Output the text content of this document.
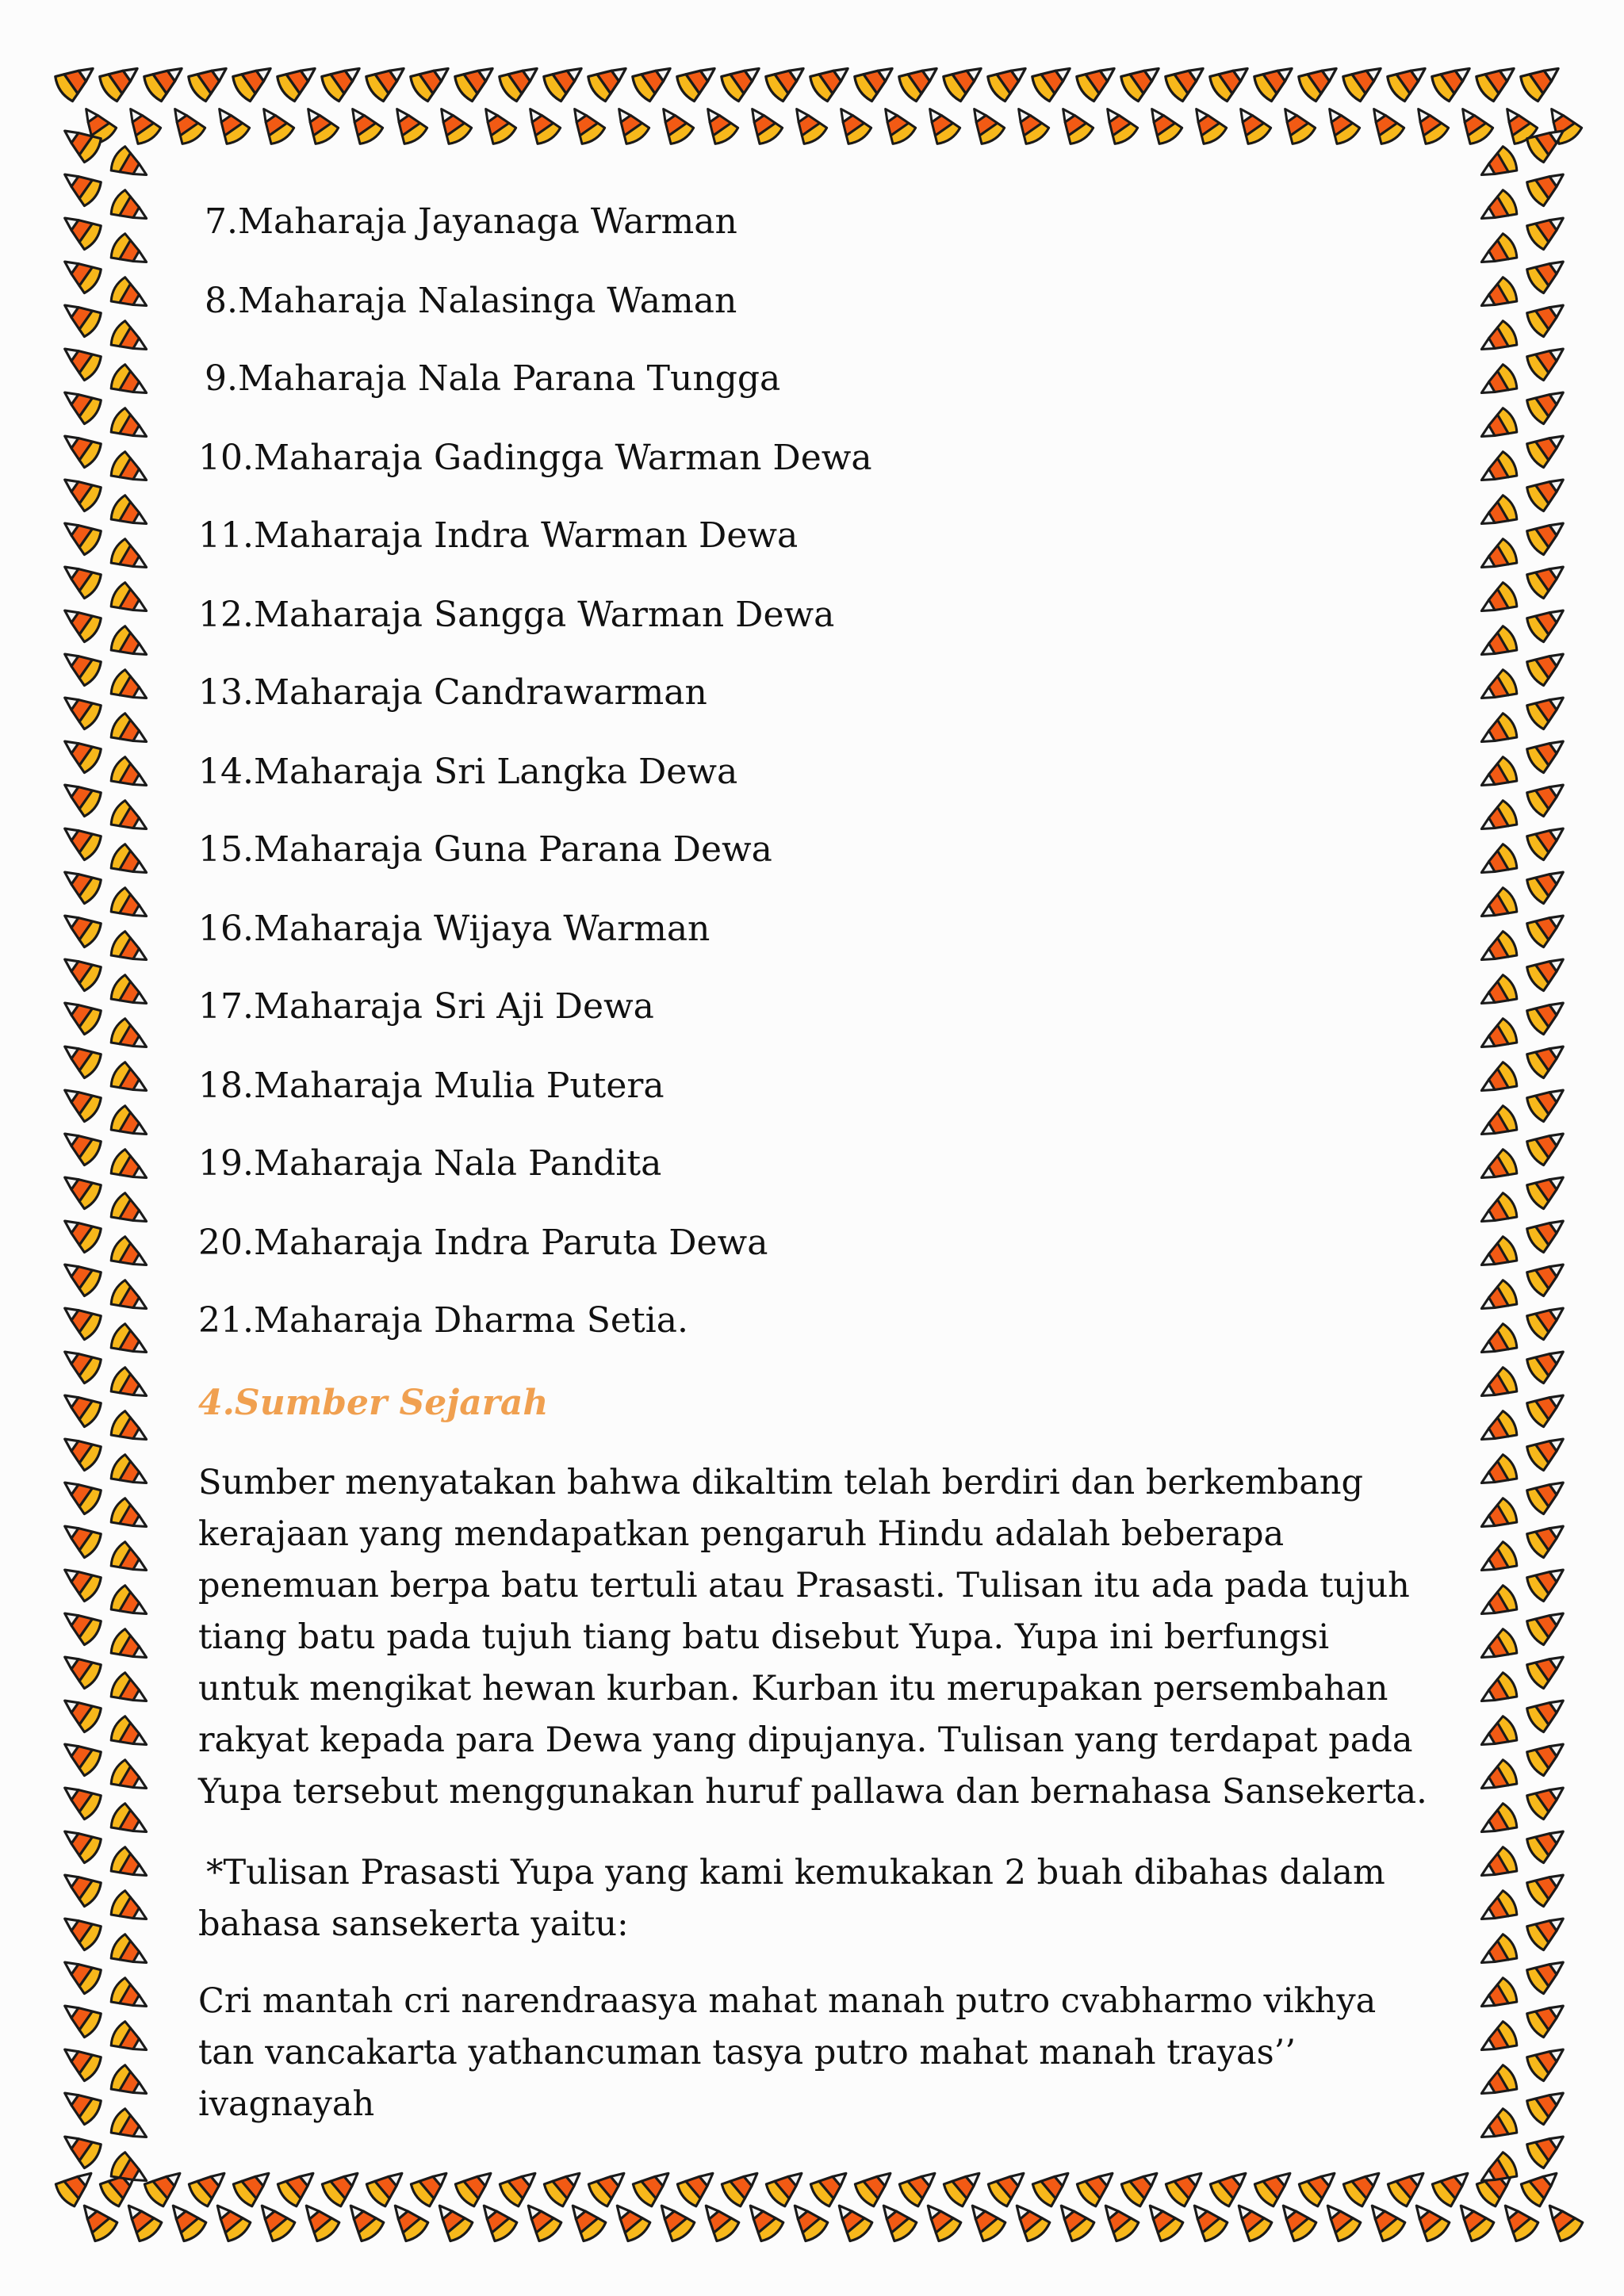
7.Maharaja Jayanaga Warman
8.Maharaja Nalasinga Waman
9.Maharaja Nala Parana Tungga
10.Maharaja Gadingga Warman Dewa
11.Maharaja Indra Warman Dewa
12.Maharaja Sangga Warman Dewa
13.Maharaja Candrawarman
14.Maharaja Sri Langka Dewa
15.Maharaja Guna Parana Dewa
16.Maharaja Wijaya Warman
17.Maharaja Sri Aji Dewa
18.Maharaja Mulia Putera
19.Maharaja Nala Pandita
20.Maharaja Indra Paruta Dewa
21.Maharaja Dharma Setia.
4.Sumber Sejarah

Sumber menyatakan bahwa dikaltim telah berdiri dan berkembang kerajaan yang mendapatkan pengaruh Hindu adalah beberapa penemuan berpa batu tertuli atau Prasasti. Tulisan itu ada pada tujuh tiang batu pada tujuh tiang batu disebut Yupa. Yupa ini berfungsi untuk mengikat hewan kurban. Kurban itu merupakan persembahan rakyat kepada para Dewa yang dipujanya. Tulisan yang terdapat pada Yupa tersebut menggunakan huruf pallawa dan bernahasa Sansekerta.

*Tulisan Prasasti Yupa yang kami kemukakan 2 buah dibahas dalam bahasa sansekerta yaitu:

Cri mantah cri narendraasya mahat manah putro cvabharmo vikhya tan vancakarta yathancuman tasya putro mahat manah trayas’’ ivagnayah
